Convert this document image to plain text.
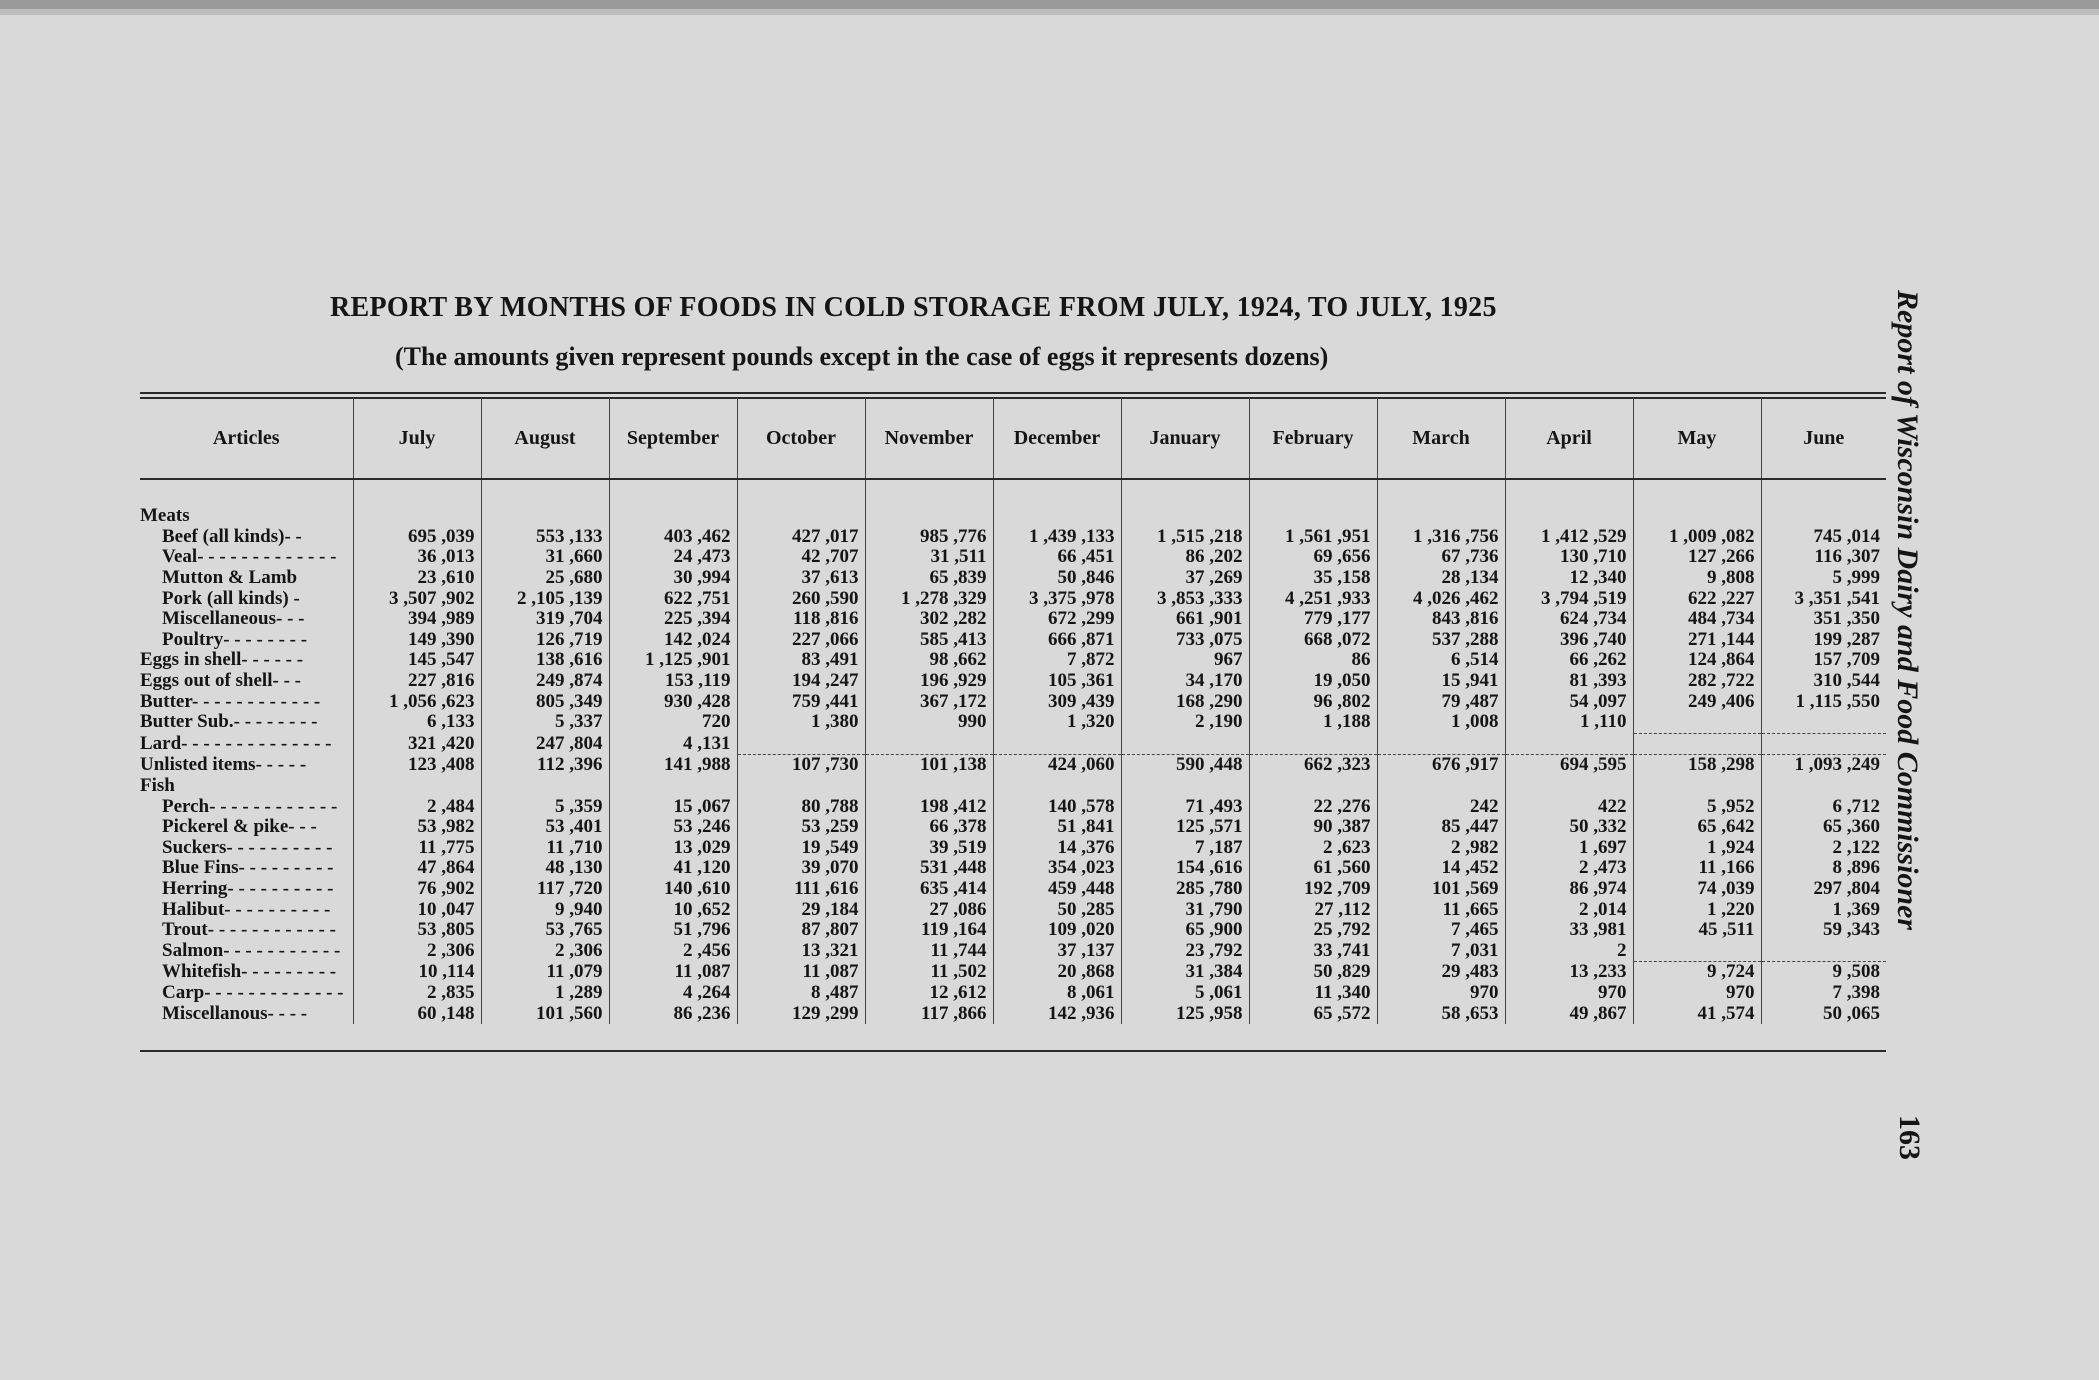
REPORT BY MONTHS OF FOODS IN COLD STORAGE FROM JULY, 1924, TO JULY, 1925
(The amounts given represent pounds except in the case of eggs it represents dozens)	Report of Wisconsin Dairy and Food Commissioner
163
Articles	July	August	September	October	November	December	January	February	March	April	May	June

Meats												
Beef (all kinds)- -	695 ,039	553 ,133	403 ,462	427 ,017	985 ,776	1 ,439 ,133	1 ,515 ,218	1 ,561 ,951	1 ,316 ,756	1 ,412 ,529	1 ,009 ,082	745 ,014
Veal- - - - - - - - - - - - -	36 ,013	31 ,660	24 ,473	42 ,707	31 ,511	66 ,451	86 ,202	69 ,656	67 ,736	130 ,710	127 ,266	116 ,307
Mutton & Lamb	23 ,610	25 ,680	30 ,994	37 ,613	65 ,839	50 ,846	37 ,269	35 ,158	28 ,134	12 ,340	9 ,808	5 ,999
Pork (all kinds) -	3 ,507 ,902	2 ,105 ,139	622 ,751	260 ,590	1 ,278 ,329	3 ,375 ,978	3 ,853 ,333	4 ,251 ,933	4 ,026 ,462	3 ,794 ,519	622 ,227	3 ,351 ,541
Miscellaneous- - -	394 ,989	319 ,704	225 ,394	118 ,816	302 ,282	672 ,299	661 ,901	779 ,177	843 ,816	624 ,734	484 ,734	351 ,350
Poultry- - - - - - - -	149 ,390	126 ,719	142 ,024	227 ,066	585 ,413	666 ,871	733 ,075	668 ,072	537 ,288	396 ,740	271 ,144	199 ,287
Eggs in shell- - - - - -	145 ,547	138 ,616	1 ,125 ,901	83 ,491	98 ,662	7 ,872	967	86	6 ,514	66 ,262	124 ,864	157 ,709
Eggs out of shell- - -	227 ,816	249 ,874	153 ,119	194 ,247	196 ,929	105 ,361	34 ,170	19 ,050	15 ,941	81 ,393	282 ,722	310 ,544
Butter- - - - - - - - - - - -	1 ,056 ,623	805 ,349	930 ,428	759 ,441	367 ,172	309 ,439	168 ,290	96 ,802	79 ,487	54 ,097	249 ,406	1 ,115 ,550
Butter Sub.- - - - - - - -	6 ,133	5 ,337	720	1 ,380	990	1 ,320	2 ,190	1 ,188	1 ,008	1 ,110		
Lard- - - - - - - - - - - - - -	321 ,420	247 ,804	4 ,131									
Unlisted items- - - - -	123 ,408	112 ,396	141 ,988	107 ,730	101 ,138	424 ,060	590 ,448	662 ,323	676 ,917	694 ,595	158 ,298	1 ,093 ,249
Fish												
Perch- - - - - - - - - - - -	2 ,484	5 ,359	15 ,067	80 ,788	198 ,412	140 ,578	71 ,493	22 ,276	242	422	5 ,952	6 ,712
Pickerel & pike- - -	53 ,982	53 ,401	53 ,246	53 ,259	66 ,378	51 ,841	125 ,571	90 ,387	85 ,447	50 ,332	65 ,642	65 ,360
Suckers- - - - - - - - - -	11 ,775	11 ,710	13 ,029	19 ,549	39 ,519	14 ,376	7 ,187	2 ,623	2 ,982	1 ,697	1 ,924	2 ,122
Blue Fins- - - - - - - - -	47 ,864	48 ,130	41 ,120	39 ,070	531 ,448	354 ,023	154 ,616	61 ,560	14 ,452	2 ,473	11 ,166	8 ,896
Herring- - - - - - - - - -	76 ,902	117 ,720	140 ,610	111 ,616	635 ,414	459 ,448	285 ,780	192 ,709	101 ,569	86 ,974	74 ,039	297 ,804
Halibut- - - - - - - - - -	10 ,047	9 ,940	10 ,652	29 ,184	27 ,086	50 ,285	31 ,790	27 ,112	11 ,665	2 ,014	1 ,220	1 ,369
Trout- - - - - - - - - - - -	53 ,805	53 ,765	51 ,796	87 ,807	119 ,164	109 ,020	65 ,900	25 ,792	7 ,465	33 ,981	45 ,511	59 ,343
Salmon- - - - - - - - - - -	2 ,306	2 ,306	2 ,456	13 ,321	11 ,744	37 ,137	23 ,792	33 ,741	7 ,031	2		
Whitefish- - - - - - - - -	10 ,114	11 ,079	11 ,087	11 ,087	11 ,502	20 ,868	31 ,384	50 ,829	29 ,483	13 ,233	9 ,724	9 ,508
Carp- - - - - - - - - - - - -	2 ,835	1 ,289	4 ,264	8 ,487	12 ,612	8 ,061	5 ,061	11 ,340	970	970	970	7 ,398
Miscellanous- - - -	60 ,148	101 ,560	86 ,236	129 ,299	117 ,866	142 ,936	125 ,958	65 ,572	58 ,653	49 ,867	41 ,574	50 ,065
